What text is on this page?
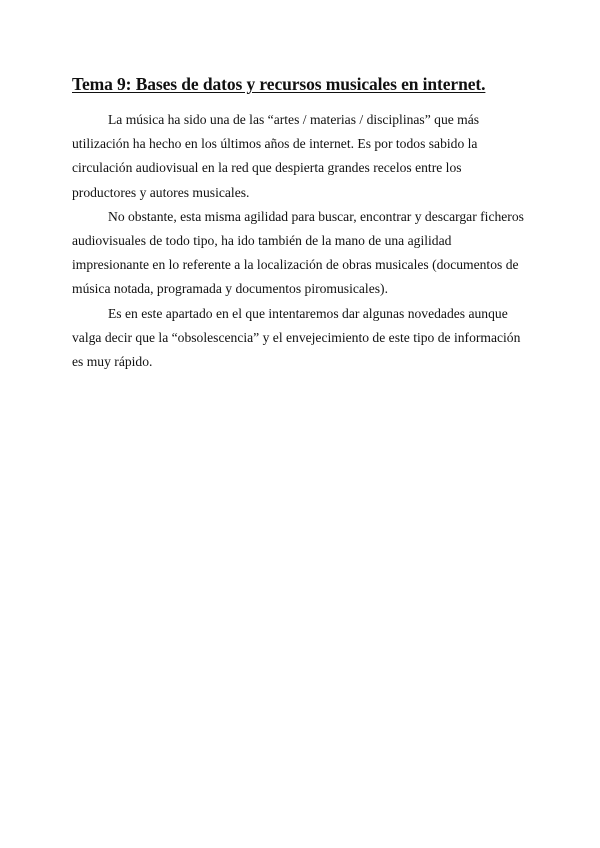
Tema 9: Bases de datos y recursos musicales en internet.

La música ha sido una de las “artes / materias / disciplinas” que más utilización ha hecho en los últimos años de internet. Es por todos sabido la circulación audiovisual en la red que despierta grandes recelos entre los productores y autores musicales.

No obstante, esta misma agilidad para buscar, encontrar y descargar ficheros audiovisuales de todo tipo, ha ido también de la mano de una agilidad impresionante en lo referente a la localización de obras musicales (documentos de música notada, programada y documentos piromusicales).

Es en este apartado en el que intentaremos dar algunas novedades aunque valga decir que la “obsolescencia” y el envejecimiento de este tipo de información es muy rápido.
